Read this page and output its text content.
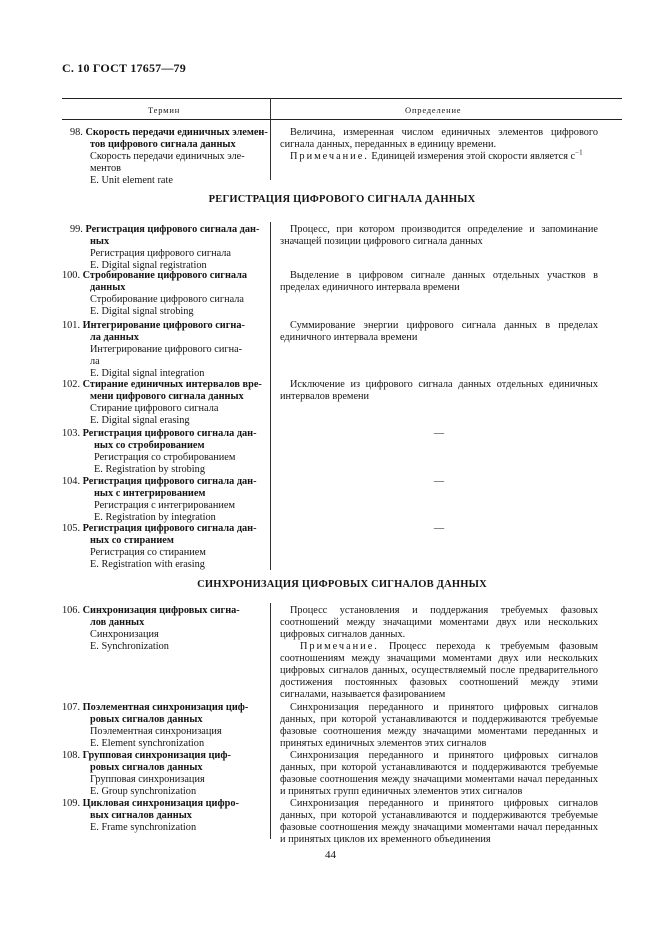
С. 10 ГОСТ 17657—79
Термин	Определение
98. Скорость передачи единичных элемен-
тов цифрового сигнала данных
Скорость передачи единичных эле-
ментов
E. Unit element rate

Величина, измеренная числом единичных элементов цифрового сигнала данных, переданных в единицу времени.

Примечание. Единицей измерения этой скорости является $с^{-1}$

РЕГИСТРАЦИЯ ЦИФРОВОГО СИГНАЛА ДАННЫХ
99. Регистрация цифрового сигнала дан-
ных
Регистрация цифрового сигнала
E. Digital signal registration

Процесс, при котором производится определение и запоминание значащей позиции цифрового сигнала данных

100. Стробирование цифрового сигнала
данных
Стробирование цифрового сигнала
E. Digital signal strobing

Выделение в цифровом сигнале данных отдельных участков в пределах единичного интервала времени

101. Интегрирование цифрового сигна-
ла данных
Интегрирование цифрового сигна-
ла
E. Digital signal integration

Суммирование энергии цифрового сигнала данных в пределах единичного интервала времени

102. Стирание единичных интервалов вре-
мени цифрового сигнала данных
Стирание цифрового сигнала
E. Digital signal erasing

Исключение из цифрового сигнала данных отдельных единичных интервалов времени

103. Регистрация цифрового сигнала дан-
ных со стробированием
Регистрация со стробированием
E. Registration by strobing
—
104. Регистрация цифрового сигнала дан-
ных с интегрированием
Регистрация с интегрированием
E. Registration by integration
—
105. Регистрация цифрового сигнала дан-
ных со стиранием
Регистрация со стиранием
E. Registration with erasing
—
СИНХРОНИЗАЦИЯ ЦИФРОВЫХ СИГНАЛОВ ДАННЫХ
106. Синхронизация цифровых сигна-
лов данных
Синхронизация
E. Synchronization

Процесс установления и поддержания требуемых фазовых соотношений между значащими моментами двух или нескольких цифровых сигналов данных.

Примечание. Процесс перехода к требуемым фазовым соотношениям между значащими моментами двух или нескольких цифровых сигналов данных, осуществляемый после предварительного достижения постоянных фазовых соотношений между этими сигналами, называется фазированием

107. Поэлементная синхронизация циф-
ровых сигналов данных
Поэлементная синхронизация
E. Element synchronization

Синхронизация переданного и принятого цифровых сигналов данных, при которой устанавливаются и поддерживаются требуемые фазовые соотношения между значащими моментами переданных и принятых единичных элементов этих сигналов

108. Групповая синхронизация циф-
ровых сигналов данных
Групповая синхронизация
E. Group synchronization

Синхронизация переданного и принятого цифровых сигналов данных, при которой устанавливаются и поддерживаются требуемые фазовые соотношения между значащими моментами начал переданных и принятых групп единичных элементов этих сигналов

109. Цикловая синхронизация цифро-
вых сигналов данных
E. Frame synchronization

Синхронизация переданного и принятого цифровых сигналов данных, при которой устанавливаются и поддерживаются требуемые фазовые соотношения между значащими моментами начал переданных и принятых циклов их временного объединения

44
